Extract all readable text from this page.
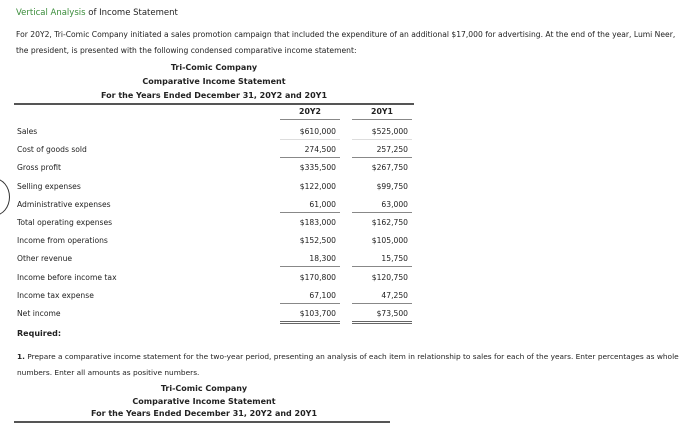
Vertical Analysis of Income Statement
For 20Y2, Tri-Comic Company initiated a sales promotion campaign that included the expenditure of an additional $17,000 for advertising. At the end of the year, Lumi Neer, the president, is presented with the following condensed comparative income statement:
Tri-Comic Company
Comparative Income Statement
For the Years Ended December 31, 20Y2 and 20Y1
20Y2	20Y1
Sales	$610,000	$525,000
Cost of goods sold	274,500	257,250
Gross profit	$335,500	$267,750
Selling expenses	$122,000	$99,750
Administrative expenses	61,000	63,000
Total operating expenses	$183,000	$162,750
Income from operations	$152,500	$105,000
Other revenue	18,300	15,750
Income before income tax	$170,800	$120,750
Income tax expense	67,100	47,250
Net income	$103,700	$73,500
Required:
1. Prepare a comparative income statement for the two-year period, presenting an analysis of each item in relationship to sales for each of the years. Enter percentages as whole numbers. Enter all amounts as positive numbers.
Tri-Comic Company
Comparative Income Statement
For the Years Ended December 31, 20Y2 and 20Y1
